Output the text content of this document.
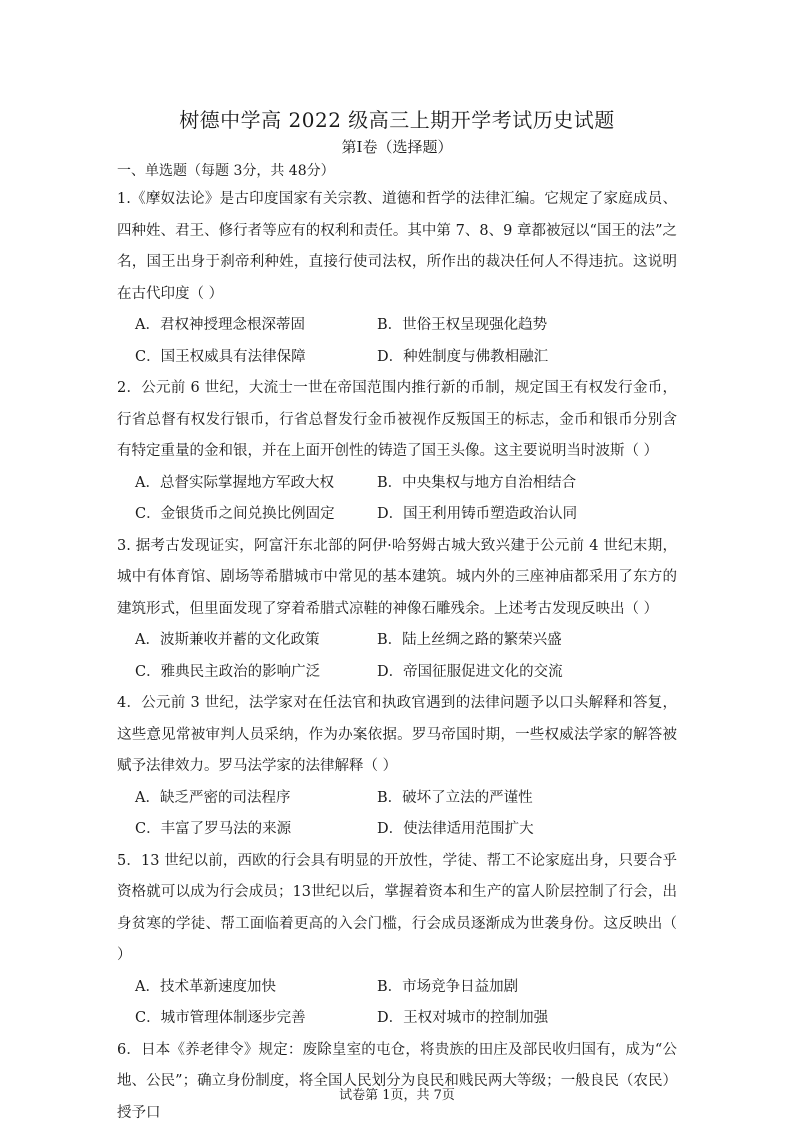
树德中学高 2022 级高三上期开学考试历史试题
第Ⅰ卷（选择题）
一、单选题（每题 3分，共 48分）

1.《摩奴法论》是古印度国家有关宗教、道德和哲学的法律汇编。它规定了家庭成员、四种姓、君王、修行者等应有的权利和责任。其中第 7、8、9 章都被冠以“国王的法”之名，国王出身于刹帝利种姓，直接行使司法权，所作出的裁决任何人不得违抗。这说明在古代印度（ ）

A．君权神授理念根深蒂固	B．世俗王权呈现强化趋势
C．国王权威具有法律保障	D．种姓制度与佛教相融汇

2．公元前 6 世纪，大流士一世在帝国范围内推行新的币制，规定国王有权发行金币，行省总督有权发行银币，行省总督发行金币被视作反叛国王的标志，金币和银币分别含有特定重量的金和银，并在上面开创性的铸造了国王头像。这主要说明当时波斯（ ）

A．总督实际掌握地方军政大权	B．中央集权与地方自治相结合
C．金银货币之间兑换比例固定	D．国王利用铸币塑造政治认同

3. 据考古发现证实，阿富汗东北部的阿伊·哈努姆古城大致兴建于公元前 4 世纪末期，城中有体育馆、剧场等希腊城市中常见的基本建筑。城内外的三座神庙都采用了东方的建筑形式，但里面发现了穿着希腊式凉鞋的神像石雕残余。上述考古发现反映出（ ）

A．波斯兼收并蓄的文化政策	B．陆上丝绸之路的繁荣兴盛
C．雅典民主政治的影响广泛	D．帝国征服促进文化的交流

4．公元前 3 世纪，法学家对在任法官和执政官遇到的法律问题予以口头解释和答复，这些意见常被审判人员采纳，作为办案依据。罗马帝国时期，一些权威法学家的解答被赋予法律效力。罗马法学家的法律解释（ ）

A．缺乏严密的司法程序	B．破坏了立法的严谨性
C．丰富了罗马法的来源	D．使法律适用范围扩大

5．13 世纪以前，西欧的行会具有明显的开放性，学徒、帮工不论家庭出身，只要合乎资格就可以成为行会成员；13世纪以后，掌握着资本和生产的富人阶层控制了行会，出身贫寒的学徒、帮工面临着更高的入会门槛，行会成员逐渐成为世袭身份。这反映出（ ）

A．技术革新速度加快	B．市场竞争日益加剧
C．城市管理体制逐步完善	D．王权对城市的控制加强

6．日本《养老律令》规定：废除皇室的屯仓，将贵族的田庄及部民收归国有，成为“公地、公民”；确立身份制度，将全国人民划分为良民和贱民两大等级；一般良民（农民）授予口

试卷第 1页，共 7页
